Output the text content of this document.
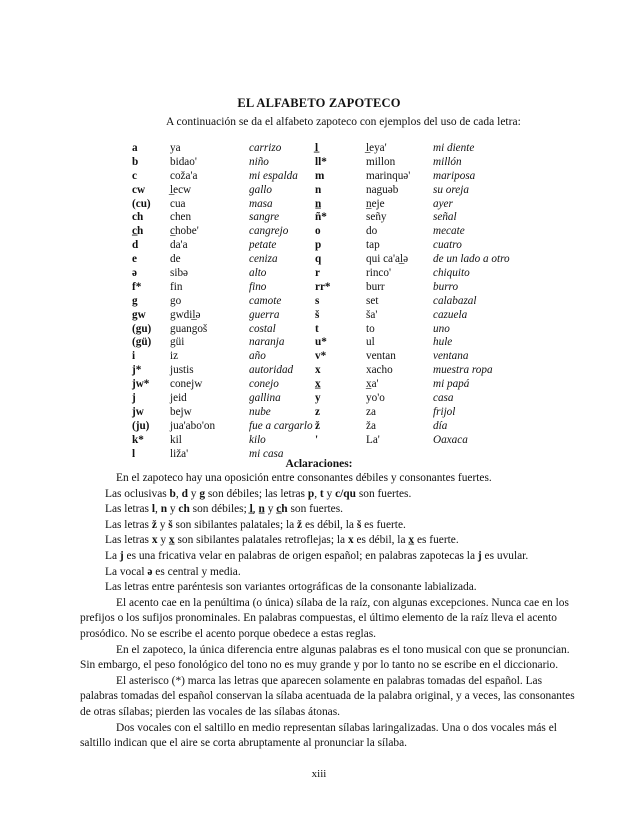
EL ALFABETO ZAPOTECO
A continuación se da el alfabeto zapoteco con ejemplos del uso de cada letra:
a
b
c
cw
(cu)
ch
c̲h
d
e
ə
f*
g
gw
(gu)
(gü)
i
j*
jw*
j
jw
(ju)
k*
l
ya
bidao'
coža'a
l̲ecw
cua
chen
c̲hobe'
da'a
de
sibə
fin
go
gwdil̲ə
guangoš
güi
iz
justis
conejw
jeid
bejw
jua'abo'on
kil
liža'
carrizo
niño
mi espalda
gallo
masa
sangre
cangrejo
petate
ceniza
alto
fino
camote
guerra
costal
naranja
año
autoridad
conejo
gallina
nube
fue a cargarlo
kilo
mi casa
l̲
ll*
m
n
n̲
ñ*
o
p
q
r
rr*
s
š
t
u*
v*
x
x̲
y
z
ž
'
l̲eya'
millon
marinquə'
naguəb
n̲eje
señy
do
tap
qui ca'al̲ə
rinco'
burr
set
ša'
to
ul
ventan
xacho
x̲a'
yo'o
za
ža
La'
mi diente
millón
mariposa
su oreja
ayer
señal
mecate
cuatro
de un lado a otro
chiquito
burro
calabazal
cazuela
uno
hule
ventana
muestra ropa
mi papá
casa
frijol
día
Oaxaca
Aclaraciones:

En el zapoteco hay una oposición entre consonantes débiles y consonantes fuertes.

Las oclusivas b, d y g son débiles; las letras p, t y c/qu son fuertes.

Las letras l, n y ch son débiles; l̲, n̲ y c̲h son fuertes.

Las letras ž y š son sibilantes palatales; la ž es débil, la š es fuerte.

Las letras x y x̲ son sibilantes palatales retroflejas; la x es débil, la x̲ es fuerte.

La j es una fricativa velar en palabras de origen español; en palabras zapotecas la j es uvular.

La vocal ə es central y media.

Las letras entre paréntesis son variantes ortográficas de la consonante labializada.

El acento cae en la penúltima (o única) sílaba de la raíz, con algunas excepciones. Nunca cae en los prefijos o los sufijos pronominales. En palabras compuestas, el último elemento de la raíz lleva el acento prosódico. No se escribe el acento porque obedece a estas reglas.

En el zapoteco, la única diferencia entre algunas palabras es el tono musical con que se pronuncian. Sin embargo, el peso fonológico del tono no es muy grande y por lo tanto no se escribe en el diccionario.

El asterisco (*) marca las letras que aparecen solamente en palabras tomadas del español. Las palabras tomadas del español conservan la sílaba acentuada de la palabra original, y a veces, las consonantes de otras sílabas; pierden las vocales de las sílabas átonas.

Dos vocales con el saltillo en medio representan sílabas laringalizadas. Una o dos vocales más el saltillo indican que el aire se corta abruptamente al pronunciar la sílaba.

xiii
